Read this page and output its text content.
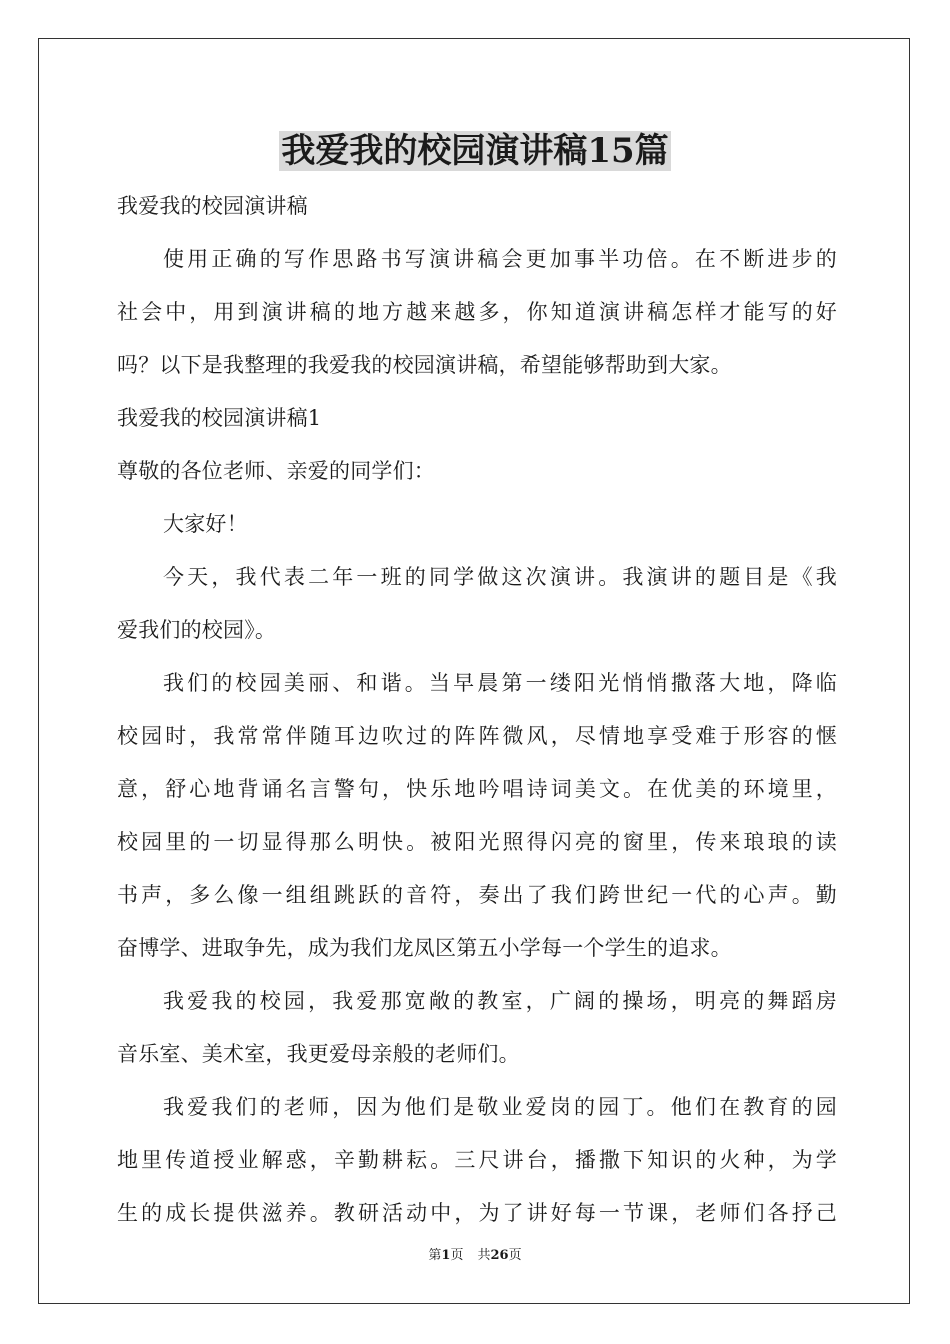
我爱我的校园演讲稿15篇
我爱我的校园演讲稿
使用正确的写作思路书写演讲稿会更加事半功倍。在不断进步的
社会中，用到演讲稿的地方越来越多，你知道演讲稿怎样才能写的好
吗？以下是我整理的我爱我的校园演讲稿，希望能够帮助到大家。
我爱我的校园演讲稿1
尊敬的各位老师、亲爱的同学们：
大家好！
今天，我代表二年一班的同学做这次演讲。我演讲的题目是《我
爱我们的校园》。
我们的校园美丽、和谐。当早晨第一缕阳光悄悄撒落大地，降临
校园时，我常常伴随耳边吹过的阵阵微风，尽情地享受难于形容的惬
意，舒心地背诵名言警句，快乐地吟唱诗词美文。在优美的环境里，
校园里的一切显得那么明快。被阳光照得闪亮的窗里，传来琅琅的读
书声，多么像一组组跳跃的音符，奏出了我们跨世纪一代的心声。勤
奋博学、进取争先，成为我们龙凤区第五小学每一个学生的追求。
我爱我的校园，我爱那宽敞的教室，广阔的操场，明亮的舞蹈房
音乐室、美术室，我更爱母亲般的老师们。
我爱我们的老师，因为他们是敬业爱岗的园丁。他们在教育的园
地里传道授业解惑，辛勤耕耘。三尺讲台，播撒下知识的火种，为学
生的成长提供滋养。教研活动中，为了讲好每一节课，老师们各抒己
第1页 共26页
